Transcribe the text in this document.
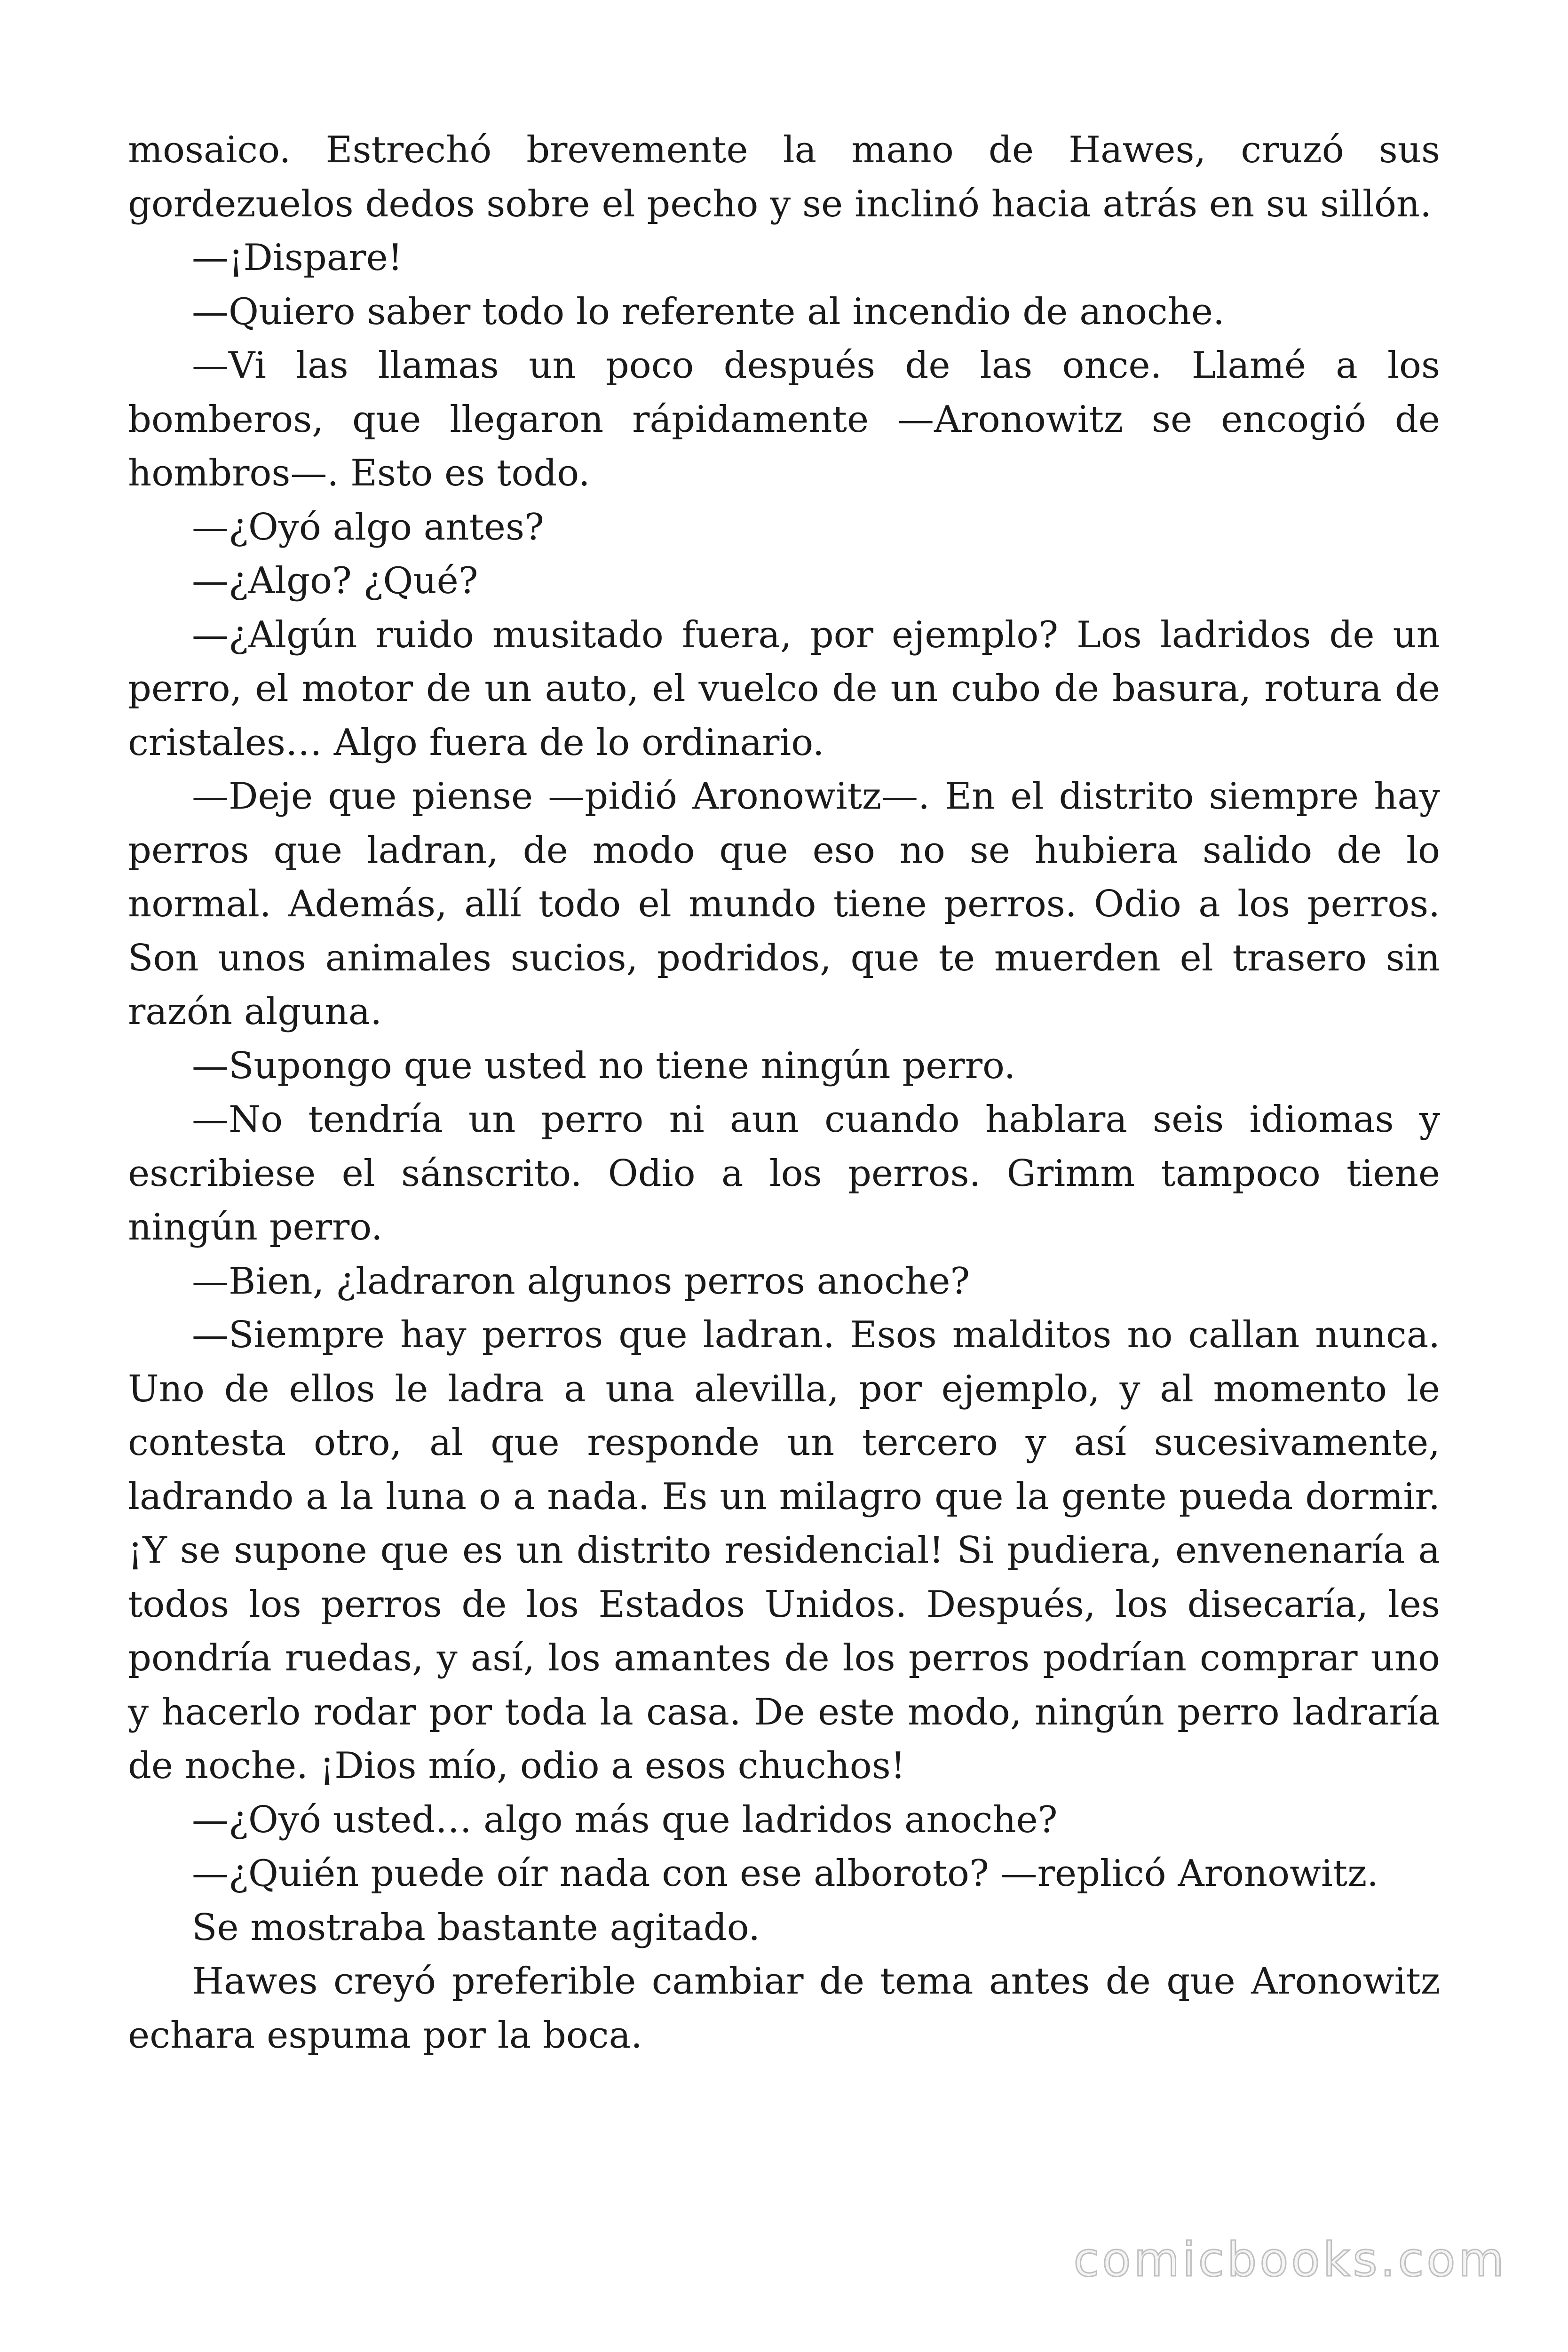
mosaico. Estrechó brevemente la mano de Hawes, cruzó sus gordezuelos dedos sobre el pecho y se inclinó hacia atrás en su sillón.

—¡Dispare!

—Quiero saber todo lo referente al incendio de anoche.

—Vi las llamas un poco después de las once. Llamé a los bomberos, que llegaron rápidamente —Aronowitz se encogió de hombros—. Esto es todo.

—¿Oyó algo antes?

—¿Algo? ¿Qué?

—¿Algún ruido musitado fuera, por ejemplo? Los ladridos de un perro, el motor de un auto, el vuelco de un cubo de basura, rotura de cristales… Algo fuera de lo ordinario.

—Deje que piense —pidió Aronowitz—. En el distrito siempre hay perros que ladran, de modo que eso no se hubiera salido de lo normal. Además, allí todo el mundo tiene perros. Odio a los perros. Son unos animales sucios, podridos, que te muerden el trasero sin razón alguna.

—Supongo que usted no tiene ningún perro.

—No tendría un perro ni aun cuando hablara seis idiomas y escribiese el sánscrito. Odio a los perros. Grimm tampoco tiene ningún perro.

—Bien, ¿ladraron algunos perros anoche?

—Siempre hay perros que ladran. Esos malditos no callan nunca. Uno de ellos le ladra a una alevilla, por ejemplo, y al momento le contesta otro, al que responde un tercero y así sucesivamente, ladrando a la luna o a nada. Es un milagro que la gente pueda dormir. ¡Y se supone que es un distrito residencial! Si pudiera, envenenaría a todos los perros de los Estados Unidos. Después, los disecaría, les pondría ruedas, y así, los amantes de los perros podrían comprar uno y hacerlo rodar por toda la casa. De este modo, ningún perro ladraría de noche. ¡Dios mío, odio a esos chuchos!

—¿Oyó usted… algo más que ladridos anoche?

—¿Quién puede oír nada con ese alboroto? —replicó Aronowitz.

Se mostraba bastante agitado.

Hawes creyó preferible cambiar de tema antes de que Aronowitz echara espuma por la boca.

comicbooks.com
